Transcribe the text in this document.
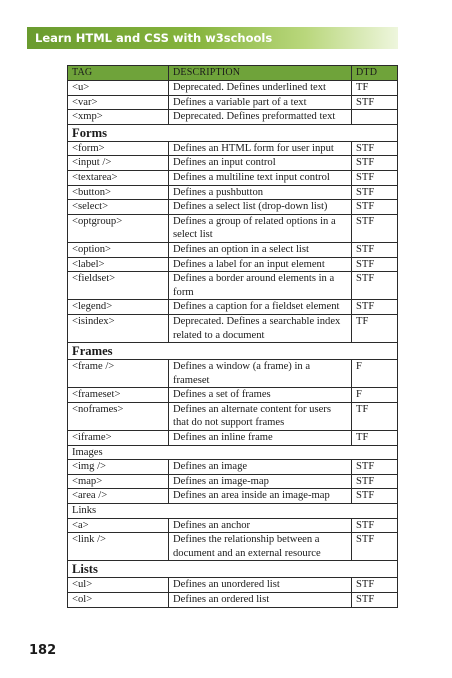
Learn HTML and CSS with w3schools
TAG	DESCRIPTION	DTD
<u>	Deprecated. Defines underlined text	TF
<var>	Defines a variable part of a text	STF
<xmp>	Deprecated. Defines preformatted text	
Forms		
<form>	Defines an HTML form for user input	STF
<input />	Defines an input control	STF
<textarea>	Defines a multiline text input control	STF
<button>	Defines a pushbutton	STF
<select>	Defines a select list (drop-down list)	STF
<optgroup>	Defines a group of related options in a select list	STF
<option>	Defines an option in a select list	STF
<label>	Defines a label for an input element	STF
<fieldset>	Defines a border around elements in a form	STF
<legend>	Defines a caption for a fieldset element	STF
<isindex>	Deprecated. Defines a searchable index related to a document	TF
Frames		
<frame />	Defines a window (a frame) in a frameset	F
<frameset>	Defines a set of frames	F
<noframes>	Defines an alternate content for users that do not support frames	TF
<iframe>	Defines an inline frame	TF
Images		
<img />	Defines an image	STF
<map>	Defines an image-map	STF
<area />	Defines an area inside an image-map	STF
Links		
<a>	Defines an anchor	STF
<link />	Defines the relationship between a document and an external resource	STF
Lists		
<ul>	Defines an unordered list	STF
<ol>	Defines an ordered list	STF
182
